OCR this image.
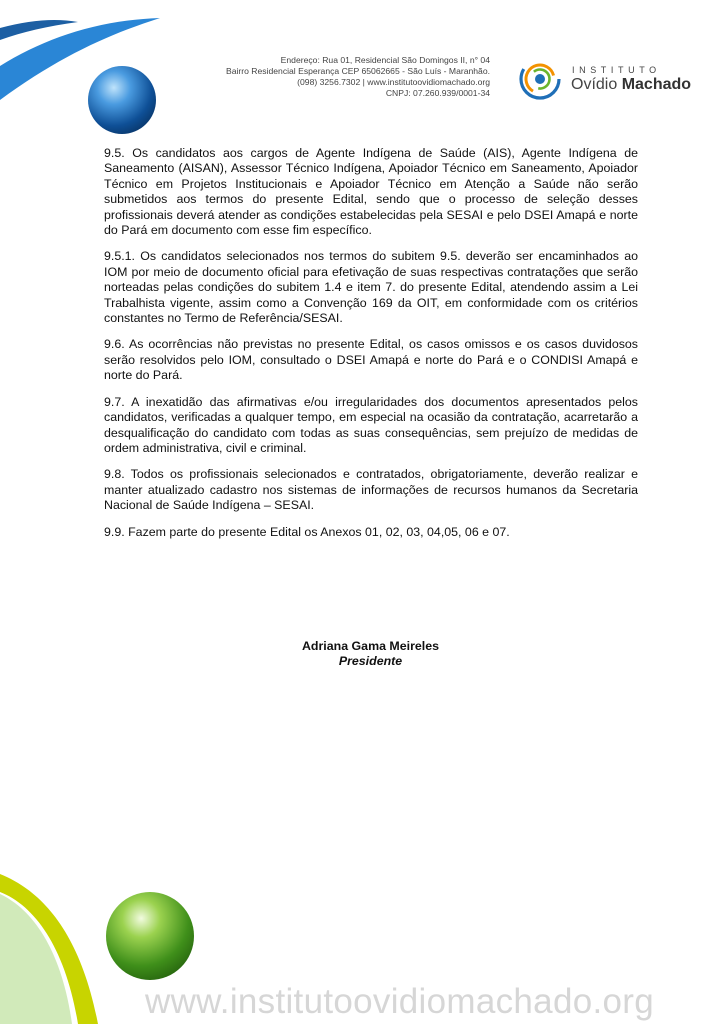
Endereço: Rua 01, Residencial São Domingos II, n° 04
Bairro Residencial Esperança CEP 65062665 - São Luís - Maranhão.
(098) 3256.7302 | www.institutoovidiomachado.org
CNPJ: 07.260.939/0001-34
INSTITUTO
Ovídio Machado

9.5. Os candidatos aos cargos de Agente Indígena de Saúde (AIS), Agente Indígena de Saneamento (AISAN), Assessor Técnico Indígena, Apoiador Técnico em Saneamento, Apoiador Técnico em Projetos Institucionais e Apoiador Técnico em Atenção a Saúde não serão submetidos aos termos do presente Edital, sendo que o processo de seleção desses profissionais deverá atender as condições estabelecidas pela SESAI e pelo DSEI Amapá e norte do Pará em documento com esse fim específico.

9.5.1. Os candidatos selecionados nos termos do subitem 9.5. deverão ser encaminhados ao IOM por meio de documento oficial para efetivação de suas respectivas contratações que serão norteadas pelas condições do subitem 1.4 e item 7. do presente Edital, atendendo assim a Lei Trabalhista vigente, assim como a Convenção 169 da OIT, em conformidade com os critérios constantes no Termo de Referência/SESAI.

9.6. As ocorrências não previstas no presente Edital, os casos omissos e os casos duvidosos serão resolvidos pelo IOM, consultado o DSEI Amapá e norte do Pará e o CONDISI Amapá e norte do Pará.

9.7. A inexatidão das afirmativas e/ou irregularidades dos documentos apresentados pelos candidatos, verificadas a qualquer tempo, em especial na ocasião da contratação, acarretarão a desqualificação do candidato com todas as suas consequências, sem prejuízo de medidas de ordem administrativa, civil e criminal.

9.8. Todos os profissionais selecionados e contratados, obrigatoriamente, deverão realizar e manter atualizado cadastro nos sistemas de informações de recursos humanos da Secretaria Nacional de Saúde Indígena – SESAI.

9.9. Fazem parte do presente Edital os Anexos 01, 02, 03, 04,05, 06 e 07.

Adriana Gama Meireles
Presidente
www.institutoovidiomachado.org
